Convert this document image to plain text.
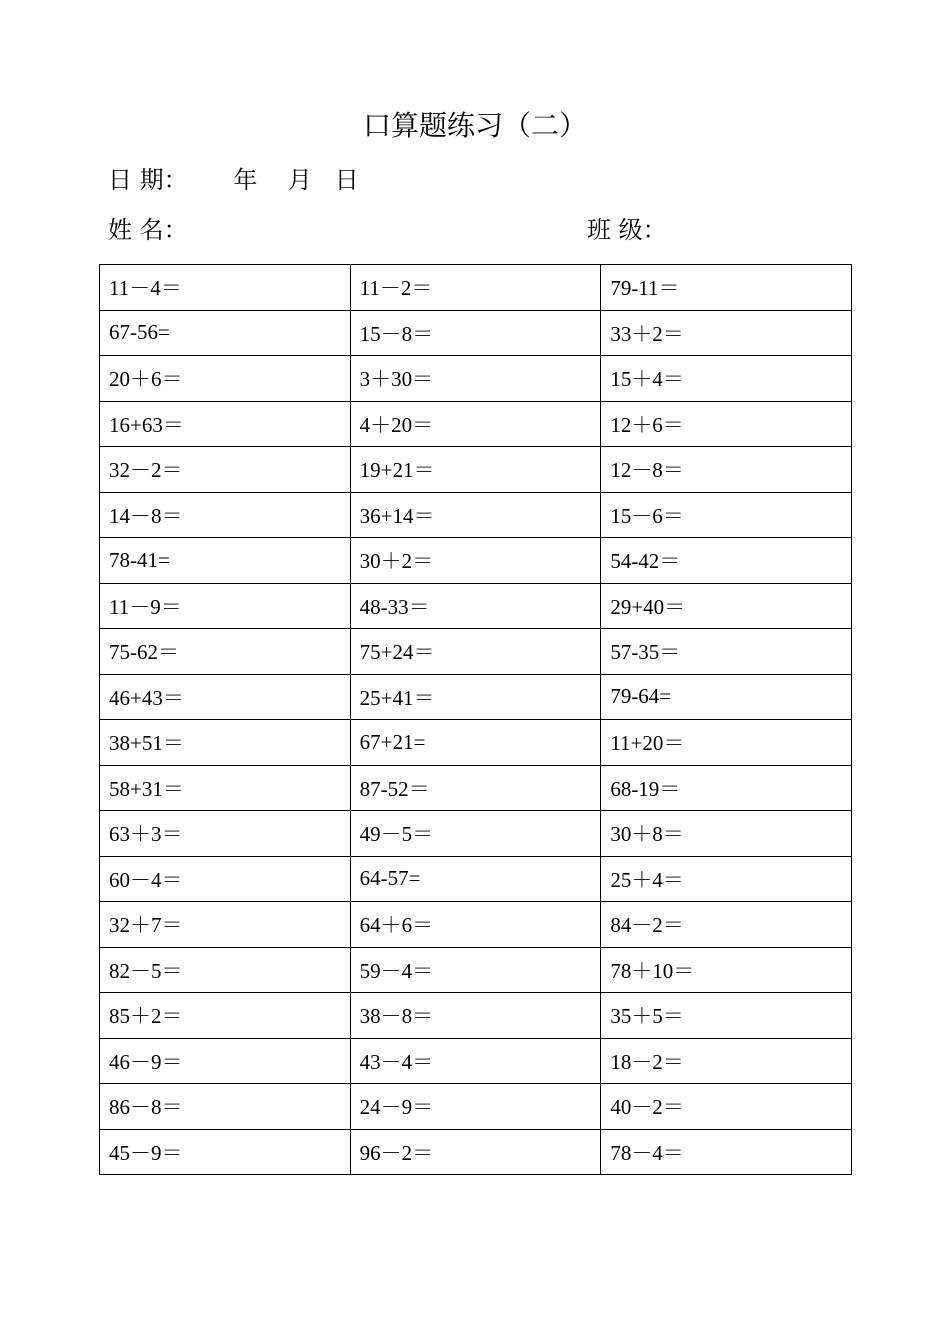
口算题练习（二）
日 期：      年    月   日
姓 名：	班 级：
11－4＝	11－2＝	79-11＝
67-56=	15－8＝	33＋2＝
20＋6＝	3＋30＝	15＋4＝
16+63＝	4＋20＝	12＋6＝
32－2＝	19+21＝	12－8＝
14－8＝	36+14＝	15－6＝
78-41=	30＋2＝	54-42＝
11－9＝	48-33＝	29+40＝
75-62＝	75+24＝	57-35＝
46+43＝	25+41＝	79-64=
38+51＝	67+21=	11+20＝
58+31＝	87-52＝	68-19＝
63＋3＝	49－5＝	30＋8＝
60－4＝	64-57=	25＋4＝
32＋7＝	64＋6＝	84－2＝
82－5＝	59－4＝	78＋10＝
85＋2＝	38－8＝	35＋5＝
46－9＝	43－4＝	18－2＝
86－8＝	24－9＝	40－2＝
45－9＝	96－2＝	78－4＝
